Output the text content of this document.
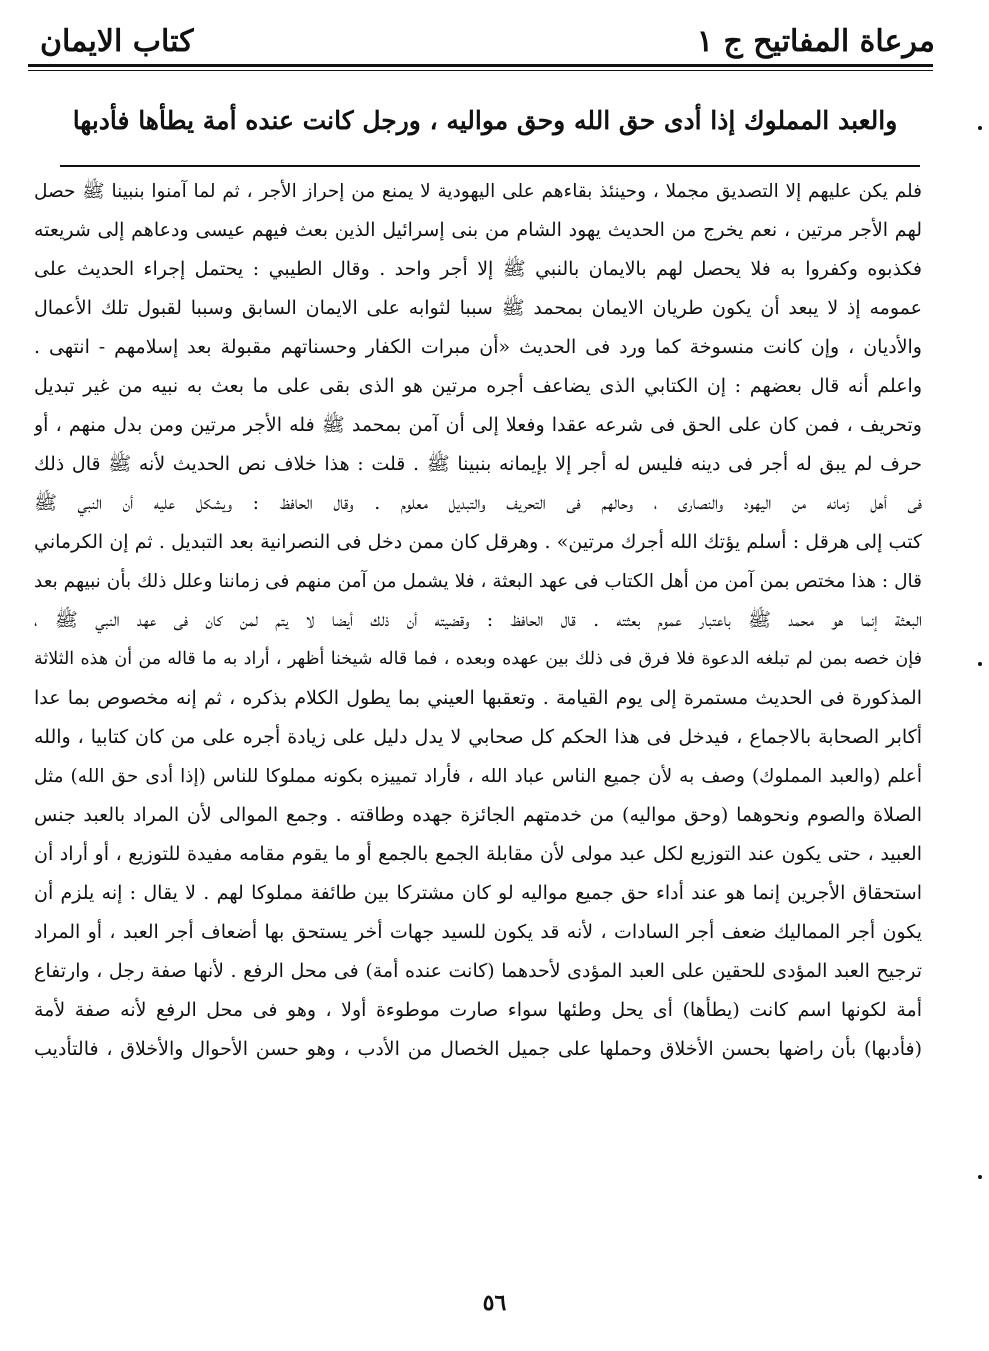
مرعاة المفاتيح ج ١
كتاب الايمان
والعبد المملوك إذا أدى حق الله وحق مواليه ، ورجل كانت عنده أمة يطأها فأدبها
فلم يكن عليهم إلا التصديق مجملا ، وحينئذ بقاءهم على اليهودية لا يمنع من إحراز الأجر ، ثم لما آمنوا بنبينا ﷺ حصل
لهم الأجر مرتين ، نعم يخرج من الحديث يهود الشام من بنى إسرائيل الذين بعث فيهم عيسى ودعاهم إلى شريعته
فكذبوه وكفروا به فلا يحصل لهم بالايمان بالنبي ﷺ إلا أجر واحد . وقال الطيبي : يحتمل إجراء الحديث على
عمومه إذ لا يبعد أن يكون طريان الايمان بمحمد ﷺ سببا لثوابه على الايمان السابق وسببا لقبول تلك الأعمال
والأديان ، وإن كانت منسوخة كما ورد فى الحديث «أن مبرات الكفار وحسناتهم مقبولة بعد إسلامهم - انتهى .
واعلم أنه قال بعضهم : إن الكتابي الذى يضاعف أجره مرتين هو الذى بقى على ما بعث به نبيه من غير تبديل
وتحريف ، فمن كان على الحق فى شرعه عقدا وفعلا إلى أن آمن بمحمد ﷺ فله الأجر مرتين ومن بدل منهم ، أو
حرف لم يبق له أجر فى دينه فليس له أجر إلا بإيمانه بنبينا ﷺ . قلت : هذا خلاف نص الحديث لأنه ﷺ قال ذلك
فى أهل زمانه من اليهود والنصارى ، وحالهم فى التحريف والتبديل معلوم . وقال الحافظ : ويشكل عليه أن النبي ﷺ
كتب إلى هرقل : أسلم يؤتك الله أجرك مرتين» . وهرقل كان ممن دخل فى النصرانية بعد التبديل . ثم إن الكرماني
قال : هذا مختص بمن آمن من أهل الكتاب فى عهد البعثة ، فلا يشمل من آمن منهم فى زماننا وعلل ذلك بأن نبيهم بعد
البعثة إنما هو محمد ﷺ باعتبار عموم بعثته . قال الحافظ : وقضيته أن ذلك أيضا لا يتم لمن كان فى عهد النبي ﷺ ،
فإن خصه بمن لم تبلغه الدعوة فلا فرق فى ذلك بين عهده وبعده ، فما قاله شيخنا أظهر ، أراد به ما قاله من أن هذه الثلاثة
المذكورة فى الحديث مستمرة إلى يوم القيامة . وتعقبها العيني بما يطول الكلام بذكره ، ثم إنه مخصوص بما عدا
أكابر الصحابة بالاجماع ، فيدخل فى هذا الحكم كل صحابي لا يدل دليل على زيادة أجره على من كان كتابيا ، والله
أعلم (والعبد المملوك) وصف به لأن جميع الناس عباد الله ، فأراد تمييزه بكونه مملوكا للناس (إذا أدى حق الله) مثل
الصلاة والصوم ونحوهما (وحق مواليه) من خدمتهم الجائزة جهده وطاقته . وجمع الموالى لأن المراد بالعبد جنس
العبيد ، حتى يكون عند التوزيع لكل عبد مولى لأن مقابلة الجمع بالجمع أو ما يقوم مقامه مفيدة للتوزيع ، أو أراد أن
استحقاق الأجرين إنما هو عند أداء حق جميع مواليه لو كان مشتركا بين طائفة مملوكا لهم . لا يقال : إنه يلزم أن
يكون أجر المماليك ضعف أجر السادات ، لأنه قد يكون للسيد جهات أخر يستحق بها أضعاف أجر العبد ، أو المراد
ترجيح العبد المؤدى للحقين على العبد المؤدى لأحدهما (كانت عنده أمة) فى محل الرفع . لأنها صفة رجل ، وارتفاع
أمة لكونها اسم كانت (يطأها) أى يحل وطئها سواء صارت موطوءة أولا ، وهو فى محل الرفع لأنه صفة لأمة
(فأدبها) بأن راضها بحسن الأخلاق وحملها على جميل الخصال من الأدب ، وهو حسن الأحوال والأخلاق ، فالتأديب
٥٦
